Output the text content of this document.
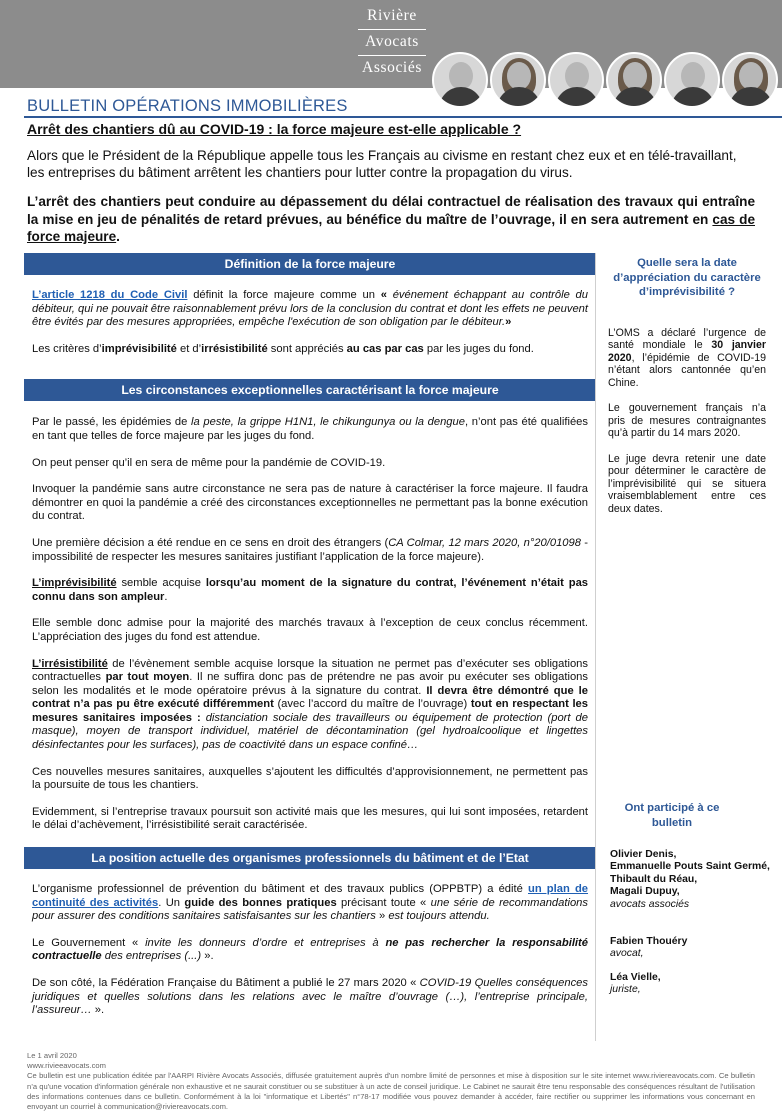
Rivière
Avocats
Associés
BULLETIN OPÉRATIONS IMMOBILIÈRES
Arrêt des chantiers dû au COVID-19 : la force majeure est-elle applicable ?
Alors que le Président de la République appelle tous les Français au civisme en restant chez eux et en télé-travaillant, les entreprises du bâtiment arrêtent les chantiers pour lutter contre la propagation du virus.
L’arrêt des chantiers peut conduire au dépassement du délai contractuel de réalisation des travaux qui entraîne la mise en jeu de pénalités de retard prévues, au bénéfice du maître de l’ouvrage, il en sera autrement en cas de force majeure.
Définition de la force majeure
L’article 1218 du Code Civil définit la force majeure comme un « événement échappant au contrôle du débiteur, qui ne pouvait être raisonnablement prévu lors de la conclusion du contrat et dont les effets ne peuvent être évités par des mesures appropriées, empêche l'exécution de son obligation par le débiteur.»
Les critères d’imprévisibilité et d’irrésistibilité sont appréciés au cas par cas par les juges du fond.
Les circonstances exceptionnelles caractérisant la force majeure
Par le passé, les épidémies de la peste, la grippe H1N1, le chikungunya ou la dengue, n’ont pas été qualifiées en tant que telles de force majeure par les juges du fond.
On peut penser qu’il en sera de même pour la pandémie de COVID-19.
Invoquer la pandémie sans autre circonstance ne sera pas de nature à caractériser la force majeure. Il faudra démontrer en quoi la pandémie a créé des circonstances exceptionnelles ne permettant pas la bonne exécution du contrat.
Une première décision a été rendue en ce sens en droit des étrangers (CA Colmar, 12 mars 2020, n°20/01098 - impossibilité de respecter les mesures sanitaires justifiant l’application de la force majeure).
L’imprévisibilité semble acquise lorsqu’au moment de la signature du contrat, l’événement n’était pas connu dans son ampleur.
Elle semble donc admise pour la majorité des marchés travaux à l’exception de ceux conclus récemment. L’appréciation des juges du fond est attendue.
L’irrésistibilité de l’évènement semble acquise lorsque la situation ne permet pas d’exécuter ses obligations contractuelles par tout moyen. Il ne suffira donc pas de prétendre ne pas avoir pu exécuter ses obligations selon les modalités et le mode opératoire prévus à la signature du contrat. Il devra être démontré que le contrat n’a pas pu être exécuté différemment (avec l’accord du maître de l’ouvrage) tout en respectant les mesures sanitaires imposées : distanciation sociale des travailleurs ou équipement de protection (port de masque), moyen de transport individuel, matériel de décontamination (gel hydroalcoolique et lingettes désinfectantes pour les surfaces), pas de coactivité dans un espace confiné…
Ces nouvelles mesures sanitaires, auxquelles s’ajoutent les difficultés d’approvisionnement, ne permettent pas la poursuite de tous les chantiers.
Evidemment, si l’entreprise travaux poursuit son activité mais que les mesures, qui lui sont imposées, retardent le délai d’achèvement, l’irrésistibilité serait caractérisée.
La position actuelle des organismes professionnels du bâtiment et de l’Etat
L’organisme professionnel de prévention du bâtiment et des travaux publics (OPPBTP) a édité un plan de continuité des activités. Un guide des bonnes pratiques précisant toute « une série de recommandations pour assurer des conditions sanitaires satisfaisantes sur les chantiers » est toujours attendu.
Le Gouvernement « invite les donneurs d’ordre et entreprises à ne pas rechercher la responsabilité contractuelle des entreprises (...) ».
De son côté, la Fédération Française du Bâtiment a publié le 27 mars 2020 « COVID-19 Quelles conséquences juridiques et quelles solutions dans les relations avec le maître d’ouvrage (…), l’entreprise principale, l’assureur… ».
Quelle sera la date d’appréciation du caractère d’imprévisibilité ?
L’OMS a déclaré l’urgence de santé mondiale le 30 janvier 2020, l’épidémie de COVID-19 n’étant alors cantonnée qu’en Chine.
Le gouvernement français n’a pris de mesures contraignantes qu’à partir du 14 mars 2020.
Le juge devra retenir une date pour déterminer le caractère de l’imprévisibilité qui se situera vraisemblablement entre ces deux dates.
Ont participé à ce bulletin
Olivier Denis,
Emmanuelle Pouts Saint Germé,
Thibault du Réau,
Magali Dupuy,
avocats associés
Fabien Thouéry
avocat,
Léa Vielle,
juriste,
Le 1 avril 2020
www.rivieeavocats.com
Ce bulletin est une publication éditée par l'AARPI Rivière Avocats Associés, diffusée gratuitement auprès d'un nombre limité de personnes et mise à disposition sur le site internet www.riviereavocats.com. Ce bulletin n’a qu'une vocation d'information générale non exhaustive et ne saurait constituer ou se substituer à un acte de conseil juridique. Le Cabinet ne saurait être tenu responsable des conséquences résultant de l'utilisation des informations contenues dans ce bulletin. Conformément à la loi "informatique et Libertés" n°78-17 modifiée vous pouvez demander à accéder, faire rectifier ou supprimer les informations vous concernant en envoyant un courriel à communication@riviereavocats.com.
